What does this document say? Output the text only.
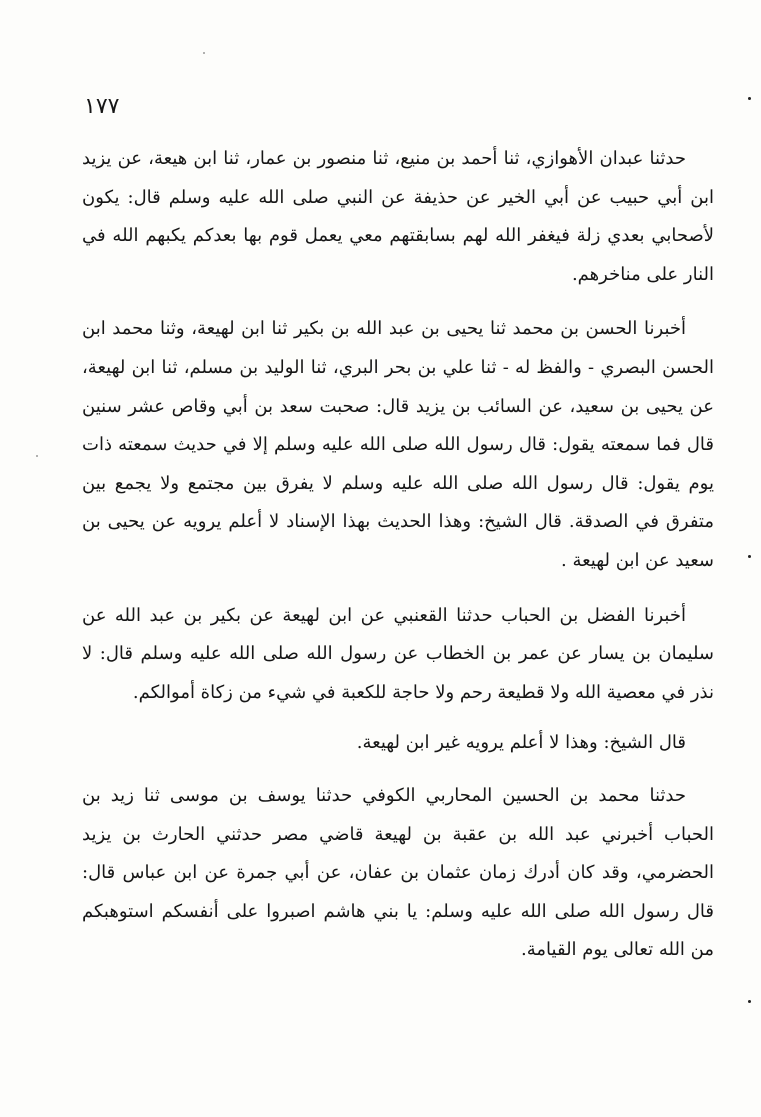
١٧٧

حدثنا عبدان الأهوازي، ثنا أحمد بن منيع، ثنا منصور بن عمار، ثنا ابن هيعة، عن يزيد ابن أبي حبيب عن أبي الخير عن حذيفة عن النبي صلى الله عليه وسلم قال: يكون لأصحابي بعدي زلة فيغفر الله لهم بسابقتهم معي يعمل قوم بها بعدكم يكبهم الله في النار على مناخرهم.

أخبرنا الحسن بن محمد ثنا يحيى بن عبد الله بن بكير ثنا ابن لهيعة، وثنا محمد ابن الحسن البصري - والفظ له - ثنا علي بن بحر البري، ثنا الوليد بن مسلم، ثنا ابن لهيعة، عن يحيى بن سعيد، عن السائب بن يزيد قال: صحبت سعد بن أبي وقاص عشر سنين قال فما سمعته يقول: قال رسول الله صلى الله عليه وسلم إلا في حديث سمعته ذات يوم يقول: قال رسول الله صلى الله عليه وسلم لا يفرق بين مجتمع ولا يجمع بين متفرق في الصدقة. قال الشيخ: وهذا الحديث بهذا الإسناد لا أعلم يرويه عن يحيى بن سعيد عن ابن لهيعة .

أخبرنا الفضل بن الحباب حدثنا القعنبي عن ابن لهيعة عن بكير بن عبد الله عن سليمان بن يسار عن عمر بن الخطاب عن رسول الله صلى الله عليه وسلم قال: لا نذر في معصية الله ولا قطيعة رحم ولا حاجة للكعبة في شيء من زكاة أموالكم.

قال الشيخ: وهذا لا أعلم يرويه غير ابن لهيعة.

حدثنا محمد بن الحسين المحاربي الكوفي حدثنا يوسف بن موسى ثنا زيد بن الحباب أخبرني عبد الله بن عقبة بن لهيعة قاضي مصر حدثني الحارث بن يزيد الحضرمي، وقد كان أدرك زمان عثمان بن عفان، عن أبي جمرة عن ابن عباس قال: قال رسول الله صلى الله عليه وسلم: يا بني هاشم اصبروا على أنفسكم استوهبكم من الله تعالى يوم القيامة.
